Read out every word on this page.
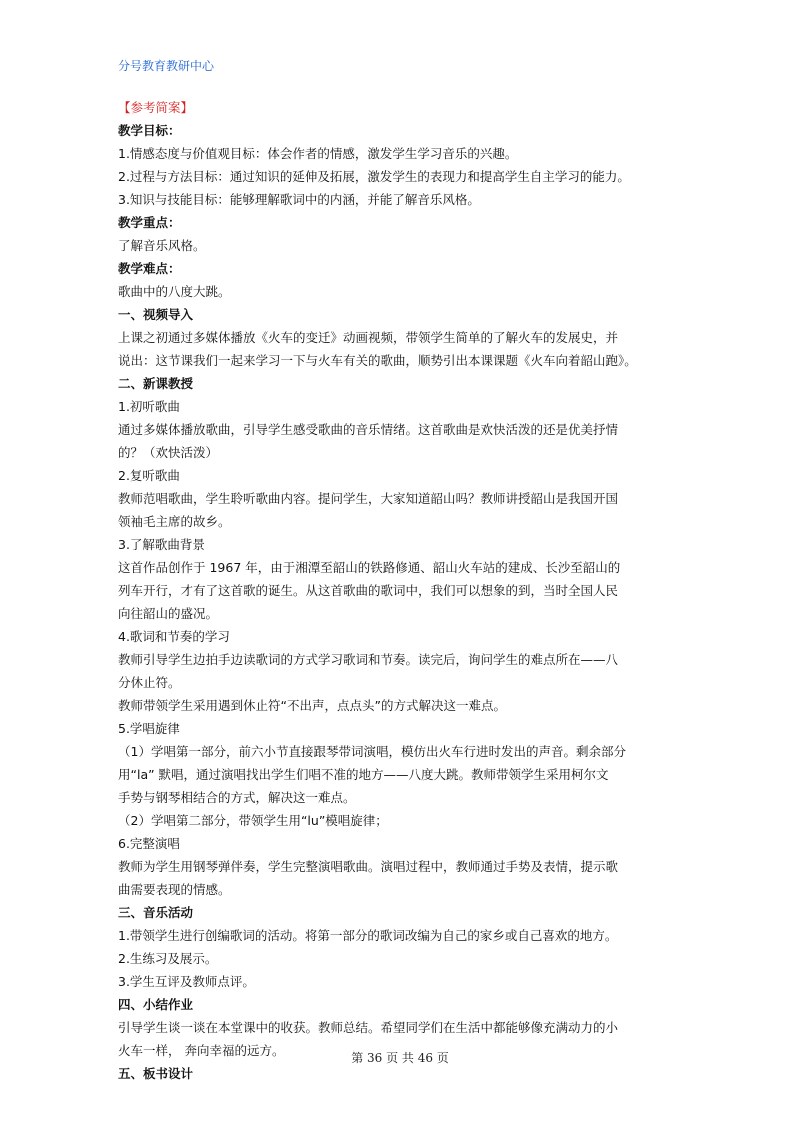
分号教育教研中心
【参考简案】
教学目标：
1.情感态度与价值观目标：体会作者的情感，激发学生学习音乐的兴趣。
2.过程与方法目标：通过知识的延伸及拓展，激发学生的表现力和提高学生自主学习的能力。
3.知识与技能目标：能够理解歌词中的内涵，并能了解音乐风格。
教学重点：
了解音乐风格。
教学难点：
歌曲中的八度大跳。
一、视频导入
上课之初通过多媒体播放《火车的变迁》动画视频，带领学生简单的了解火车的发展史，并
说出：这节课我们一起来学习一下与火车有关的歌曲，顺势引出本课课题《火车向着韶山跑》。
二、新课教授
1.初听歌曲
通过多媒体播放歌曲，引导学生感受歌曲的音乐情绪。这首歌曲是欢快活泼的还是优美抒情
的？（欢快活泼）
2.复听歌曲
教师范唱歌曲，学生聆听歌曲内容。提问学生，大家知道韶山吗？教师讲授韶山是我国开国
领袖毛主席的故乡。
3.了解歌曲背景
这首作品创作于 1967 年，由于湘潭至韶山的铁路修通、韶山火车站的建成、长沙至韶山的
列车开行，才有了这首歌的诞生。从这首歌曲的歌词中，我们可以想象的到，当时全国人民
向往韶山的盛况。
4.歌词和节奏的学习
教师引导学生边拍手边读歌词的方式学习歌词和节奏。读完后，询问学生的难点所在——八
分休止符。
教师带领学生采用遇到休止符“不出声，点点头”的方式解决这一难点。
5.学唱旋律
（1）学唱第一部分，前六小节直接跟琴带词演唱，模仿出火车行进时发出的声音。剩余部分
用“la” 默唱，通过演唱找出学生们唱不准的地方——八度大跳。教师带领学生采用柯尔文
手势与钢琴相结合的方式，解决这一难点。
（2）学唱第二部分，带领学生用“lu”模唱旋律；
6.完整演唱
教师为学生用钢琴弹伴奏，学生完整演唱歌曲。演唱过程中，教师通过手势及表情，提示歌
曲需要表现的情感。
三、音乐活动
1.带领学生进行创编歌词的活动。将第一部分的歌词改编为自己的家乡或自己喜欢的地方。
2.生练习及展示。
3.学生互评及教师点评。
四、小结作业
引导学生谈一谈在本堂课中的收获。教师总结。希望同学们在生活中都能够像充满动力的小
火车一样， 奔向幸福的远方。
五、板书设计
第 36 页 共 46 页
